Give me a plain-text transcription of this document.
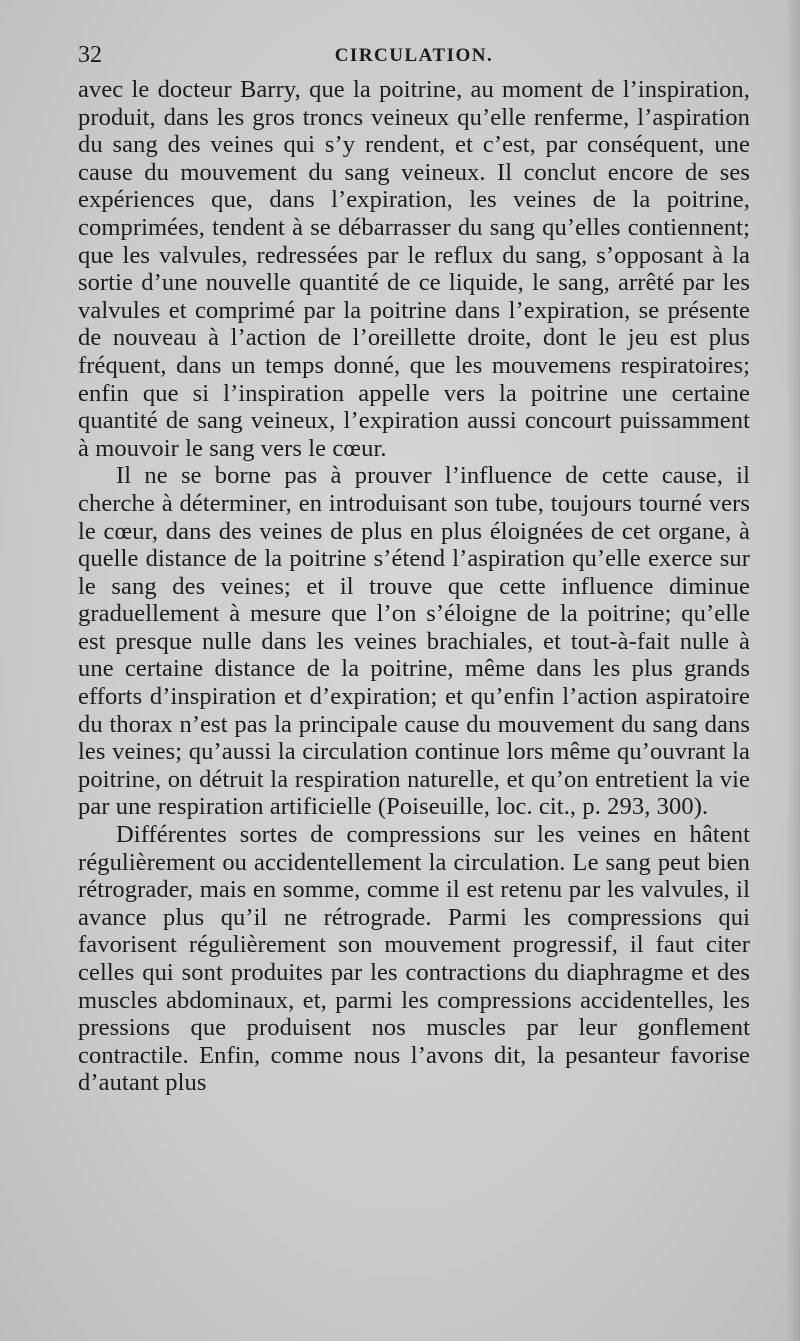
32	CIRCULATION.

avec le docteur Barry, que la poitrine, au moment de l’inspiration, produit, dans les gros troncs veineux qu’elle renferme, l’aspiration du sang des veines qui s’y rendent, et c’est, par conséquent, une cause du mouvement du sang veineux. Il conclut encore de ses expériences que, dans l’expiration, les veines de la poitrine, comprimées, tendent à se débarrasser du sang qu’elles contiennent; que les valvules, redressées par le reflux du sang, s’opposant à la sortie d’une nouvelle quantité de ce liquide, le sang, arrêté par les valvules et comprimé par la poitrine dans l’expiration, se présente de nouveau à l’action de l’oreillette droite, dont le jeu est plus fréquent, dans un temps donné, que les mouvemens respiratoires; enfin que si l’inspiration appelle vers la poitrine une certaine quantité de sang veineux, l’expiration aussi concourt puissamment à mouvoir le sang vers le cœur.

Il ne se borne pas à prouver l’influence de cette cause, il cherche à déterminer, en introduisant son tube, toujours tourné vers le cœur, dans des veines de plus en plus éloignées de cet organe, à quelle distance de la poitrine s’étend l’aspiration qu’elle exerce sur le sang des veines; et il trouve que cette influence diminue graduellement à mesure que l’on s’éloigne de la poitrine; qu’elle est presque nulle dans les veines brachiales, et tout-à-fait nulle à une certaine distance de la poitrine, même dans les plus grands efforts d’inspiration et d’expiration; et qu’enfin l’action aspiratoire du thorax n’est pas la principale cause du mouvement du sang dans les veines; qu’aussi la circulation continue lors même qu’ouvrant la poitrine, on détruit la respiration naturelle, et qu’on entretient la vie par une respiration artificielle (Poiseuille, loc. cit., p. 293, 300).

Différentes sortes de compressions sur les veines en hâtent régulièrement ou accidentellement la circulation. Le sang peut bien rétrograder, mais en somme, comme il est retenu par les valvules, il avance plus qu’il ne rétrograde. Parmi les compressions qui favorisent régulièrement son mouvement progressif, il faut citer celles qui sont produites par les contractions du diaphragme et des muscles abdominaux, et, parmi les compressions accidentelles, les pressions que produisent nos muscles par leur gonflement contractile. Enfin, comme nous l’avons dit, la pesanteur favorise d’autant plus
